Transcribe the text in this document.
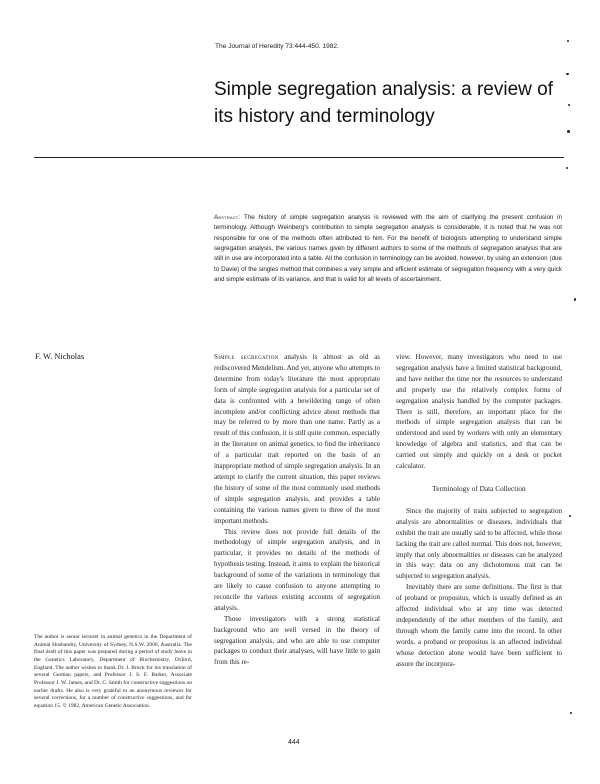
The Journal of Heredity 73:444-450. 1982.
Simple segregation analysis: a review of its history and terminology

Abstract: The history of simple segregation analysis is reviewed with the aim of clarifying the present confusion in terminology. Although Weinberg's contribution to simple segregation analysis is considerable, it is noted that he was not responsible for one of the methods often attributed to him. For the benefit of biologists attempting to understand simple segregation analysis, the various names given by different authors to some of the methods of segregation analysis that are still in use are incorporated into a table. All the confusion in terminology can be avoided, however, by using an extension (due to Davie) of the singles method that combines a very simple and efficient estimate of segregation frequency with a very quick and simple estimate of its variance, and that is valid for all levels of ascertainment.

F. W. Nicholas	Simple segregation analysis is almost as old as rediscovered Mendelism. And yet, anyone who attempts to determine from today's literature the most appropriate form of simple segregation analysis for a particular set of data is confronted with a bewildering range of often incomplete and/or conflicting advice about methods that may be referred to by more than one name. Partly as a result of this confusion, it is still quite common, especially in the literature on animal genetics, to find the inheritance of a particular trait reported on the basis of an inappropriate method of simple segregation analysis. In an attempt to clarify the current situation, this paper reviews the history of some of the most commonly used methods of simple segregation analysis, and provides a table containing the various names given to three of the most important methods.

This review does not provide full details of the methodology of simple segregation analysis, and in particular, it provides no details of the methods of hypothesis testing. Instead, it aims to explain the historical background of some of the variations in terminology that are likely to cause confusion to anyone attempting to reconcile the various existing accounts of segregation analysis.

Those investigators with a strong statistical background who are well versed in the theory of segregation analysis, and who are able to use computer packages to conduct their analyses, will have little to gain from this re-

view. However, many investigators who need to use segregation analysis have a limited statistical background, and have neither the time nor the resources to understand and properly use the relatively complex forms of segregation analysis handled by the computer packages. There is still, therefore, an important place for the methods of simple segregation analysis that can be understood and used by workers with only an elementary knowledge of algebra and statistics, and that can be carried out simply and quickly on a desk or pocket calculator.

Terminology of Data Collection

Since the majority of traits subjected to segregation analysis are abnormalities or diseases, individuals that exhibit the trait are usually said to be affected, while those lacking the trait are called normal. This does not, however, imply that only abnormalities or diseases can be analyzed in this way: data on any dichotomous trait can be subjected to segregation analysis.

Inevitably there are some definitions. The first is that of proband or propositus, which is usually defined as an affected individual who at any time was detected independently of the other members of the family, and through whom the family came into the record. In other words, a proband or propositus is an affected individual whose detection alone would have been sufficient to assure the incorpora-

The author is senior lecturer in animal genetics in the Department of Animal Husbandry, University of Sydney, N.S.W. 2006, Australia. The final draft of this paper was prepared during a period of study leave in the Genetics Laboratory, Department of Biochemistry, Oxford, England. The author wishes to thank Dr. J. Bruck for his translation of several German papers, and Professor J. S. F. Barker, Associate Professor J. W. James, and Dr. C. Smith for constructive suggestions on earlier drafts. He also is very grateful to an anonymous reviewer for several corrections, for a number of constructive suggestions, and for equation 15. © 1982, American Genetic Association.
444
